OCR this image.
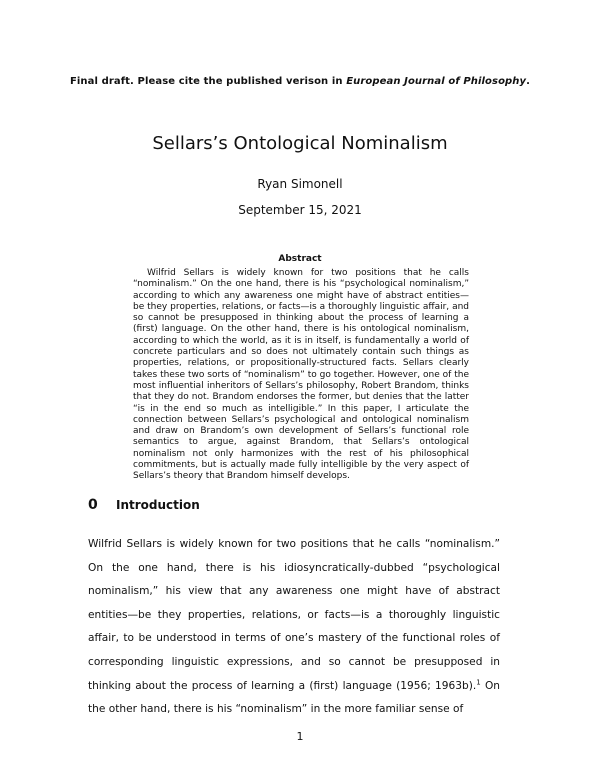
Final draft. Please cite the published verison in European Journal of Philosophy.
Sellars’s Ontological Nominalism
Ryan Simonell
September 15, 2021
Abstract

Wilfrid Sellars is widely known for two positions that he calls “nominalism.” On the one hand, there is his “psychological nominalism,” according to which any awareness one might have of abstract entities—be they properties, relations, or facts—is a thoroughly linguistic affair, and so cannot be presupposed in thinking about the process of learning a (first) language. On the other hand, there is his ontological nominalism, according to which the world, as it is in itself, is fundamentally a world of concrete particulars and so does not ultimately contain such things as properties, relations, or propositionally-structured facts. Sellars clearly takes these two sorts of “nominalism” to go together. However, one of the most influential inheritors of Sellars’s philosophy, Robert Brandom, thinks that they do not. Brandom endorses the former, but denies that the latter “is in the end so much as intelligible.” In this paper, I articulate the connection between Sellars’s psychological and ontological nominalism and draw on Brandom’s own development of Sellars’s functional role semantics to argue, against Brandom, that Sellars’s ontological nominalism not only harmonizes with the rest of his philosophical commitments, but is actually made fully intelligible by the very aspect of Sellars’s theory that Brandom himself develops.

0 Introduction

Wilfrid Sellars is widely known for two positions that he calls “nominalism.” On the one hand, there is his idiosyncratically-dubbed “psychological nominalism,” his view that any awareness one might have of abstract entities—be they properties, relations, or facts—is a thoroughly linguistic affair, to be understood in terms of one’s mastery of the functional roles of corresponding linguistic expressions, and so cannot be presupposed in thinking about the process of learning a (first) language (1956; 1963b).$^1$ On the other hand, there is his “nominalism” in the more familiar sense of

1
